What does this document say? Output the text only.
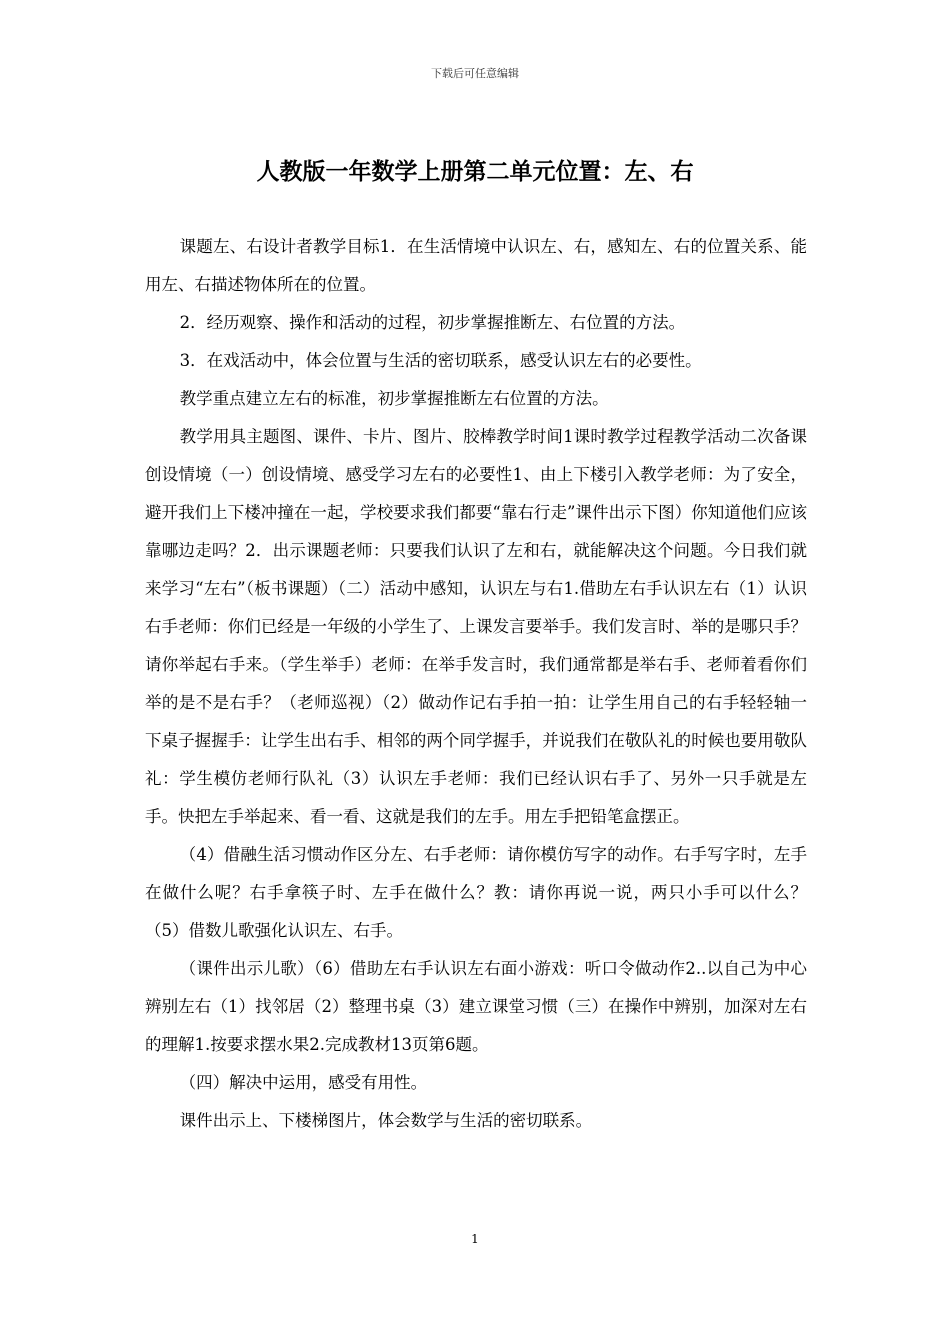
下载后可任意编辑
人教版一年数学上册第二单元位置：左、右

课题左、右设计者教学目标1．在生活情境中认识左、右，感知左、右的位置关系、能用左、右描述物体所在的位置。

2．经历观察、操作和活动的过程，初步掌握推断左、右位置的方法。

3．在戏活动中，体会位置与生活的密切联系，感受认识左右的必要性。

教学重点建立左右的标准，初步掌握推断左右位置的方法。

教学用具主题图、课件、卡片、图片、胶棒教学时间1课时教学过程教学活动二次备课创设情境（一）创设情境、感受学习左右的必要性1、由上下楼引入教学老师：为了安全，避开我们上下楼冲撞在一起，学校要求我们都要“靠右行走”课件出示下图）你知道他们应该靠哪边走吗？2．出示课题老师：只要我们认识了左和右，就能解决这个问题。今日我们就来学习“左右”（板书课题）（二）活动中感知，认识左与右1.借助左右手认识左右（1）认识右手老师：你们已经是一年级的小学生了、上课发言要举手。我们发言时、举的是哪只手？请你举起右手来。（学生举手）老师：在举手发言时，我们通常都是举右手、老师着看你们举的是不是右手？（老师巡视）（2）做动作记右手拍一拍：让学生用自己的右手轻轻轴一下桌子握握手：让学生出右手、相邻的两个同学握手，并说我们在敬队礼的时候也要用敬队礼：学生模仿老师行队礼（3）认识左手老师：我们已经认识右手了、另外一只手就是左手。快把左手举起来、看一看、这就是我们的左手。用左手把铅笔盒摆正。

（4）借融生活习惯动作区分左、右手老师：请你模仿写字的动作。右手写字时，左手在做什么呢？右手拿筷子时、左手在做什么？教：请你再说一说，两只小手可以什么？（5）借数儿歌强化认识左、右手。

（课件出示儿歌）（6）借助左右手认识左右面小游戏：听口令做动作2..以自己为中心辨别左右（1）找邻居（2）整理书桌（3）建立课堂习惯（三）在操作中辨别，加深对左右的理解1.按要求摆水果2.完成教材13页第6题。

（四）解决中运用，感受有用性。

课件出示上、下楼梯图片，体会数学与生活的密切联系。

1
